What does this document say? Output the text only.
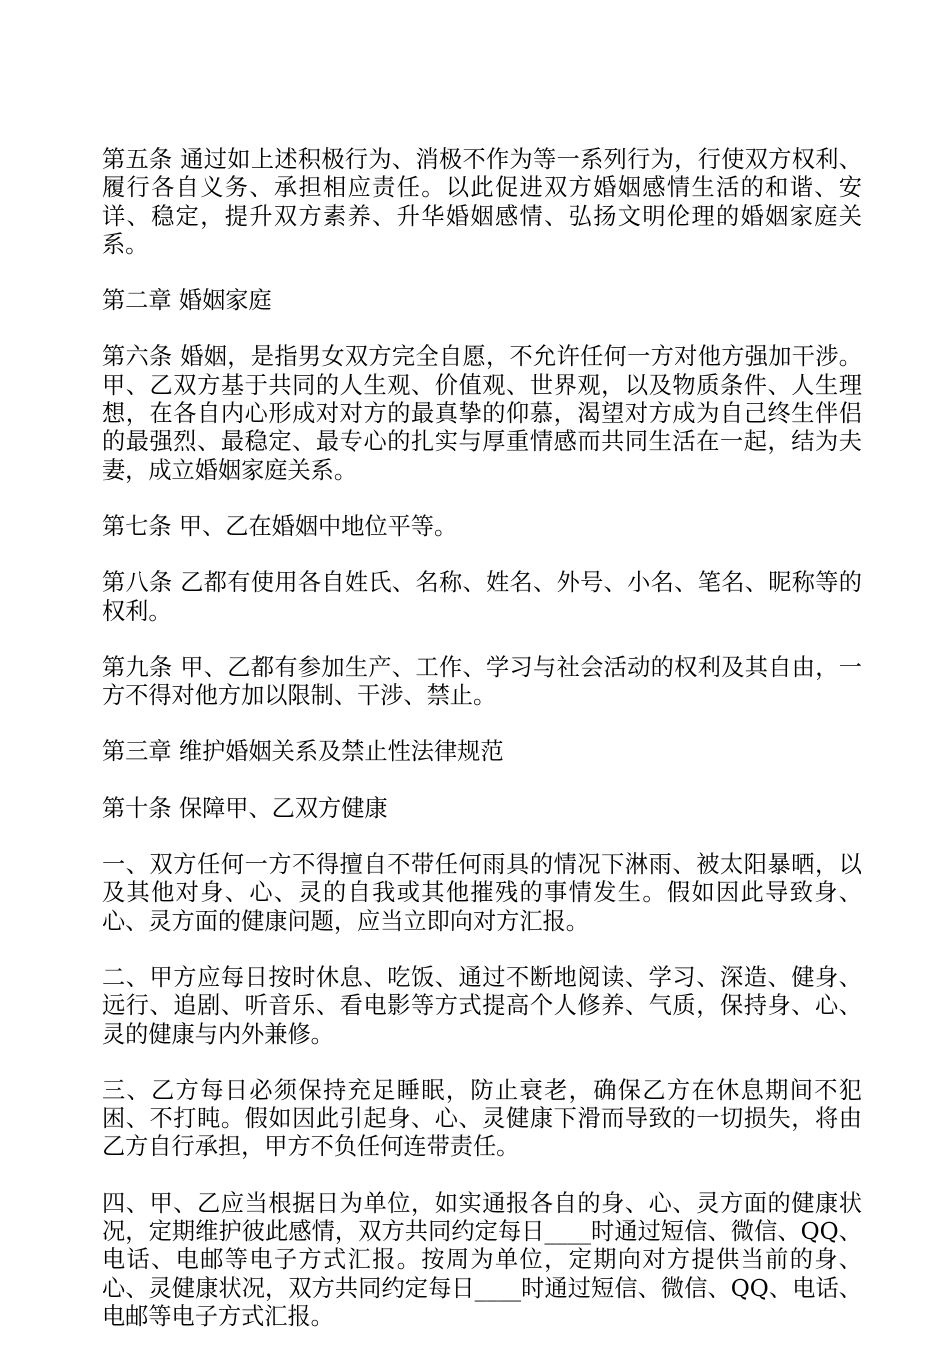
第五条 通过如上述积极行为、消极不作为等一系列行为，行使双方权利、履行各自义务、承担相应责任。以此促进双方婚姻感情生活的和谐、安详、稳定，提升双方素养、升华婚姻感情、弘扬文明伦理的婚姻家庭关系。

第二章 婚姻家庭

第六条 婚姻，是指男女双方完全自愿，不允许任何一方对他方强加干涉。甲、乙双方基于共同的人生观、价值观、世界观，以及物质条件、人生理想，在各自内心形成对对方的最真挚的仰慕，渴望对方成为自己终生伴侣的最强烈、最稳定、最专心的扎实与厚重情感而共同生活在一起，结为夫妻，成立婚姻家庭关系。

第七条 甲、乙在婚姻中地位平等。

第八条 乙都有使用各自姓氏、名称、姓名、外号、小名、笔名、昵称等的权利。

第九条 甲、乙都有参加生产、工作、学习与社会活动的权利及其自由，一方不得对他方加以限制、干涉、禁止。

第三章 维护婚姻关系及禁止性法律规范

第十条 保障甲、乙双方健康

一、双方任何一方不得擅自不带任何雨具的情况下淋雨、被太阳暴晒，以及其他对身、心、灵的自我或其他摧残的事情发生。假如因此导致身、心、灵方面的健康问题，应当立即向对方汇报。

二、甲方应每日按时休息、吃饭、通过不断地阅读、学习、深造、健身、远行、追剧、听音乐、看电影等方式提高个人修养、气质，保持身、心、灵的健康与内外兼修。

三、乙方每日必须保持充足睡眠，防止衰老，确保乙方在休息期间不犯困、不打盹。假如因此引起身、心、灵健康下滑而导致的一切损失，将由乙方自行承担，甲方不负任何连带责任。

四、甲、乙应当根据日为单位，如实通报各自的身、心、灵方面的健康状况，定期维护彼此感情，双方共同约定每日____时通过短信、微信、QQ、电话、电邮等电子方式汇报。按周为单位，定期向对方提供当前的身、心、灵健康状况，双方共同约定每日____时通过短信、微信、QQ、电话、电邮等电子方式汇报。
